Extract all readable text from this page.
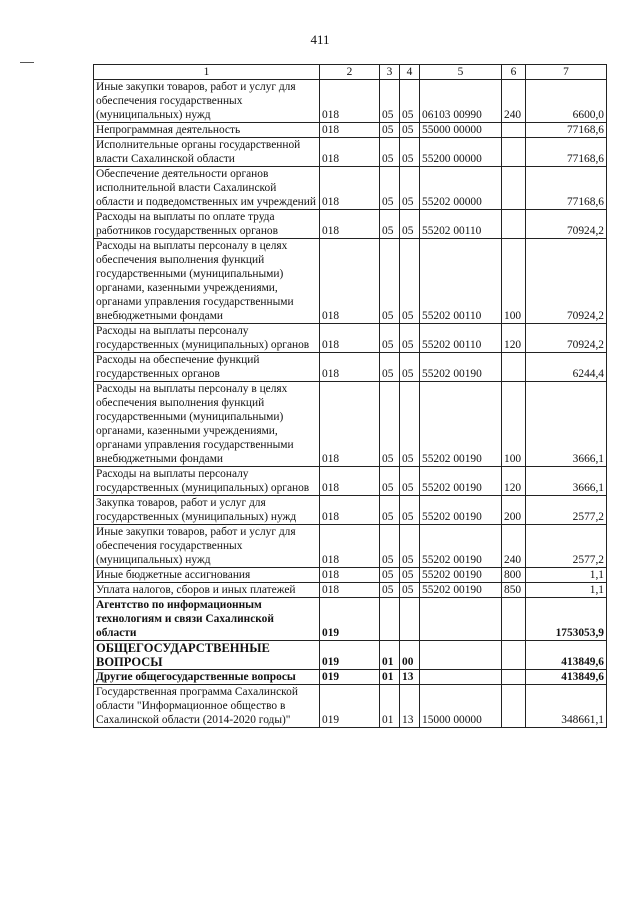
411
1	2	3	4	5	6	7
Иные закупки товаров, работ и услуг для обеспечения государственных (муниципальных) нужд	018	05	05	06103 00990	240	6600,0
Непрограммная деятельность	018	05	05	55000 00000		77168,6
Исполнительные органы государственной власти Сахалинской области	018	05	05	55200 00000		77168,6
Обеспечение деятельности органов исполнительной власти Сахалинской области и подведомственных им учреждений	018	05	05	55202 00000		77168,6
Расходы на выплаты по оплате труда работников государственных органов	018	05	05	55202 00110		70924,2
Расходы на выплаты персоналу в целях обеспечения выполнения функций государственными (муниципальными) органами, казенными учреждениями, органами управления государственными внебюджетными фондами	018	05	05	55202 00110	100	70924,2
Расходы на выплаты персоналу государственных (муниципальных) органов	018	05	05	55202 00110	120	70924,2
Расходы на обеспечение функций государственных органов	018	05	05	55202 00190		6244,4
Расходы на выплаты персоналу в целях обеспечения выполнения функций государственными (муниципальными) органами, казенными учреждениями, органами управления государственными внебюджетными фондами	018	05	05	55202 00190	100	3666,1
Расходы на выплаты персоналу государственных (муниципальных) органов	018	05	05	55202 00190	120	3666,1
Закупка товаров, работ и услуг для государственных (муниципальных) нужд	018	05	05	55202 00190	200	2577,2
Иные закупки товаров, работ и услуг для обеспечения государственных (муниципальных) нужд	018	05	05	55202 00190	240	2577,2
Иные бюджетные ассигнования	018	05	05	55202 00190	800	1,1
Уплата налогов, сборов и иных платежей	018	05	05	55202 00190	850	1,1
Агентство по информационным технологиям и связи Сахалинской области	019					1753053,9
ОБЩЕГОСУДАРСТВЕННЫЕ ВОПРОСЫ	019	01	00			413849,6
Другие общегосударственные вопросы	019	01	13			413849,6
Государственная программа Сахалинской области "Информационное общество в Сахалинской области (2014-2020 годы)"	019	01	13	15000 00000		348661,1
